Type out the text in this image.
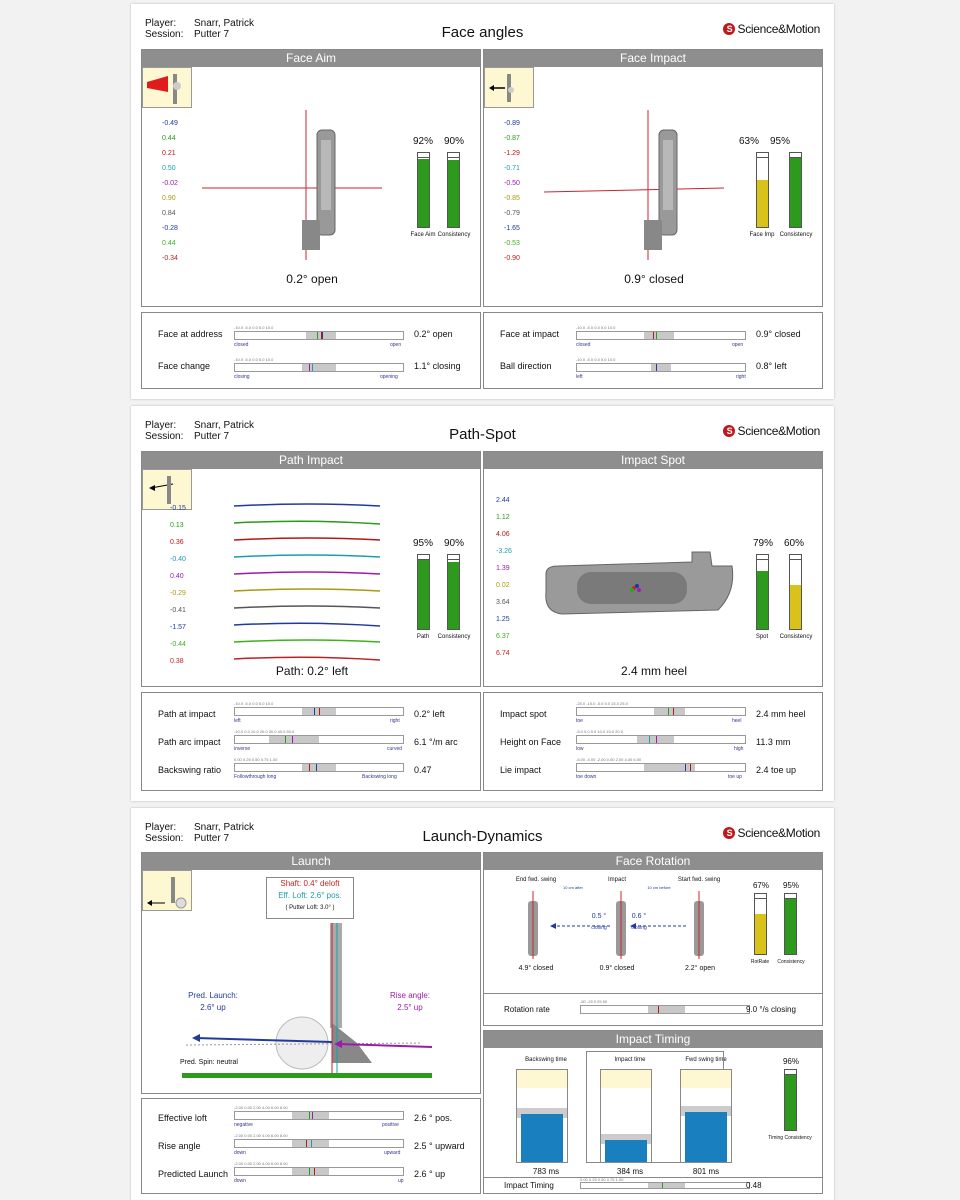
Player: Snarr, Patrick
Session: Putter 7	Face angles	S Science&Motion
Face Aim
-0.49
0.44
0.21
0.50
-0.02
0.90
0.84
-0.28
0.44
-0.34
92%	90%
Face Aim Consistency
0.2° open
Face Impact
-0.89
-0.87
-1.29
-0.71
-0.50
-0.85
-0.79
-1.65
-0.53
-0.90
63%	95%
Face Imp Consistency
0.9° closed
Face at address
-10.0 -5.0 0.0 5.0 10.0
closed	open
0.2° open
Face change
-10.0 -5.0 0.0 5.0 10.0
closing	opening
1.1° closing
Face at impact
-10.0 -5.0 0.0 5.0 10.0
closed	open
0.9° closed
Ball direction
-10.0 -5.0 0.0 5.0 10.0
left	right
0.8° left
Player: Snarr, Patrick
Session: Putter 7	Path-Spot	S Science&Motion
Path Impact
-0.15
0.13
0.36
-0.40
0.40
-0.29
-0.41
-1.57
-0.44
0.38
95%	90%
Path	Consistency
Path: 0.2° left
Impact Spot
2.44
1.12
4.06
-3.26
1.39
0.02
3.64
1.25
6.37
6.74
79%	60%
Spot	Consistency
2.4 mm heel
Path at impact
-10.0 -5.0 0.0 5.0 10.0
left	right
0.2° left
Path arc impact
-10.0 0.0 10.0 20.0 30.0 40.0 50.0
inverse	curved
6.1 °/m arc
Backswing ratio
0.00 0.25 0.50 0.75 1.00
Followthrough long	Backswing long
0.47
Impact spot
-25.0 -15.0 -5.0 5.0 15.0 25.0
toe	heel
2.4 mm heel
Height on Face
-5.0 0.0 5.0 10.0 15.0 20.0
low	high
11.3 mm
Lie impact
-6.00 -4.00 -2.00 0.00 2.00 4.00 6.00
toe down	toe up
2.4 toe up
Player: Snarr, Patrick
Session: Putter 7	Launch-Dynamics	S Science&Motion
Launch
Shaft: 0.4° deloft
Eff. Loft: 2.6° pos.
( Putter Loft: 3.0° )
Pred. Launch:
2.6° up
Rise angle:
2.5° up
Pred. Spin: neutral
Effective loft
-2.00 0.00 2.00 4.00 6.00 8.00
negative	positive
2.6 ° pos.
Rise angle
-2.00 0.00 2.00 4.00 6.00 8.00
down	upward
2.5 ° upward
Predicted Launch
-2.00 0.00 2.00 4.00 6.00 8.00
down	up
2.6 ° up
Face Rotation
End fwd. swing	Impact	Start fwd. swing
10 cm after	10 cm before
0.5 °
closing
0.6 °
closing
4.9° closed	0.9° closed	2.2° open
67%	95%
RotRate	Consistency
Rotation rate
-50 -25 0 25 50
9.0 °/s closing
Impact Timing
Backswing time	Impact time	Fwd swing time
783 ms	384 ms	801 ms
96%
Timing Consistency
Impact Timing
0.00 0.25 0.50 0.75 1.00
0.48
